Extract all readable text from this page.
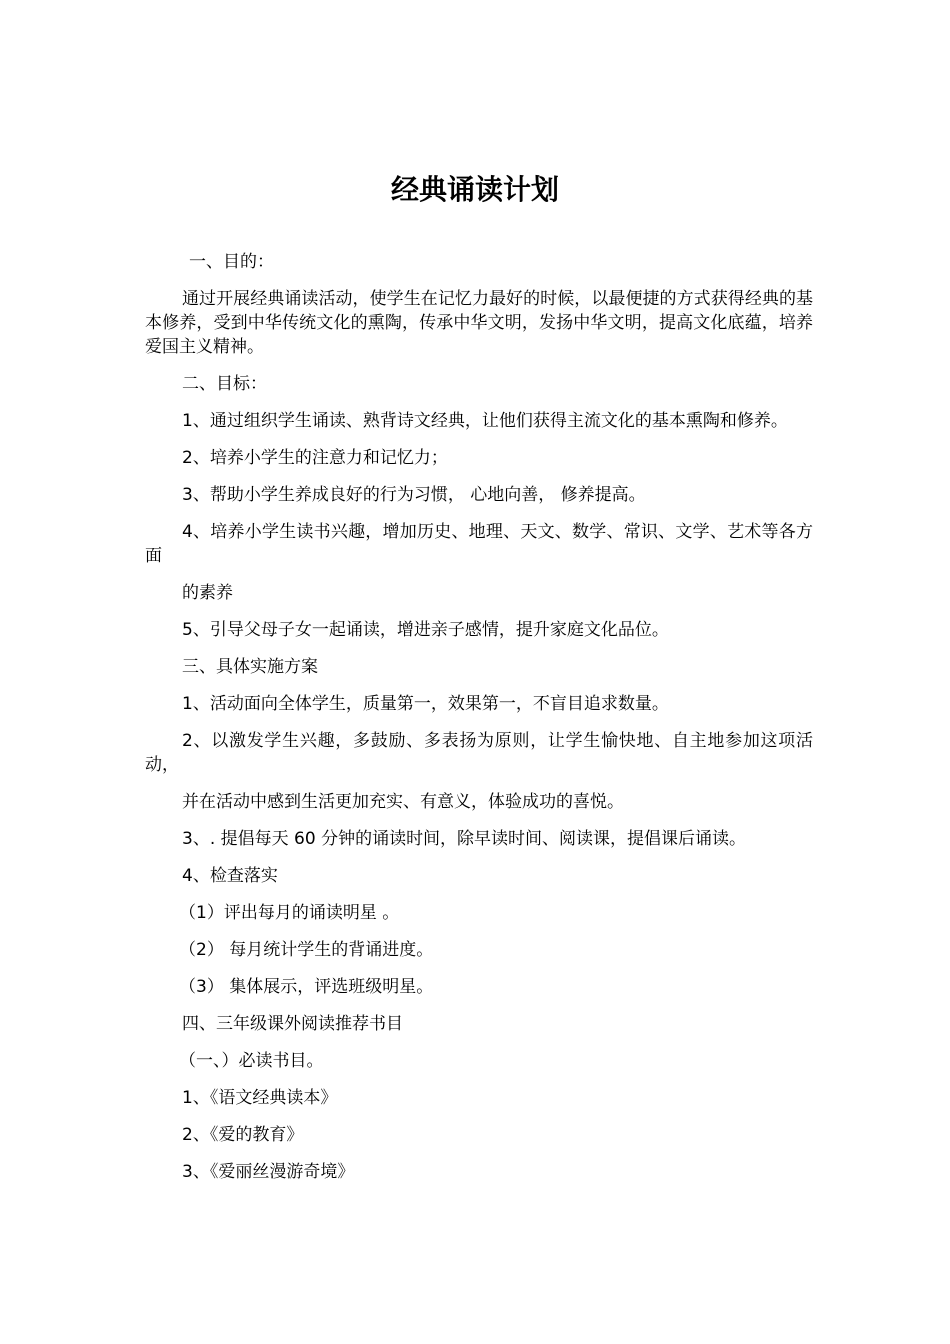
经典诵读计划

一、目的：

通过开展经典诵读活动，使学生在记忆力最好的时候，以最便捷的方式获得经典的基本修养，受到中华传统文化的熏陶，传承中华文明，发扬中华文明，提高文化底蕴，培养爱国主义精神。

二、目标：

1、通过组织学生诵读、熟背诗文经典，让他们获得主流文化的基本熏陶和修养。

2、培养小学生的注意力和记忆力；

3、帮助小学生养成良好的行为习惯， 心地向善， 修养提高。

4、培养小学生读书兴趣，增加历史、地理、天文、数学、常识、文学、艺术等各方面

的素养

5、引导父母子女一起诵读，增进亲子感情，提升家庭文化品位。

三、具体实施方案

1、活动面向全体学生，质量第一，效果第一，不盲目追求数量。

2、以激发学生兴趣，多鼓励、多表扬为原则，让学生愉快地、自主地参加这项活动，

并在活动中感到生活更加充实、有意义，体验成功的喜悦。

3、. 提倡每天 60 分钟的诵读时间，除早读时间、阅读课，提倡课后诵读。

4、检查落实

（1）评出每月的诵读明星 。

（2） 每月统计学生的背诵进度。

（3） 集体展示，评选班级明星。

四、三年级课外阅读推荐书目

（一、）必读书目。

1、《语文经典读本》

2、《爱的教育》

3、《爱丽丝漫游奇境》
